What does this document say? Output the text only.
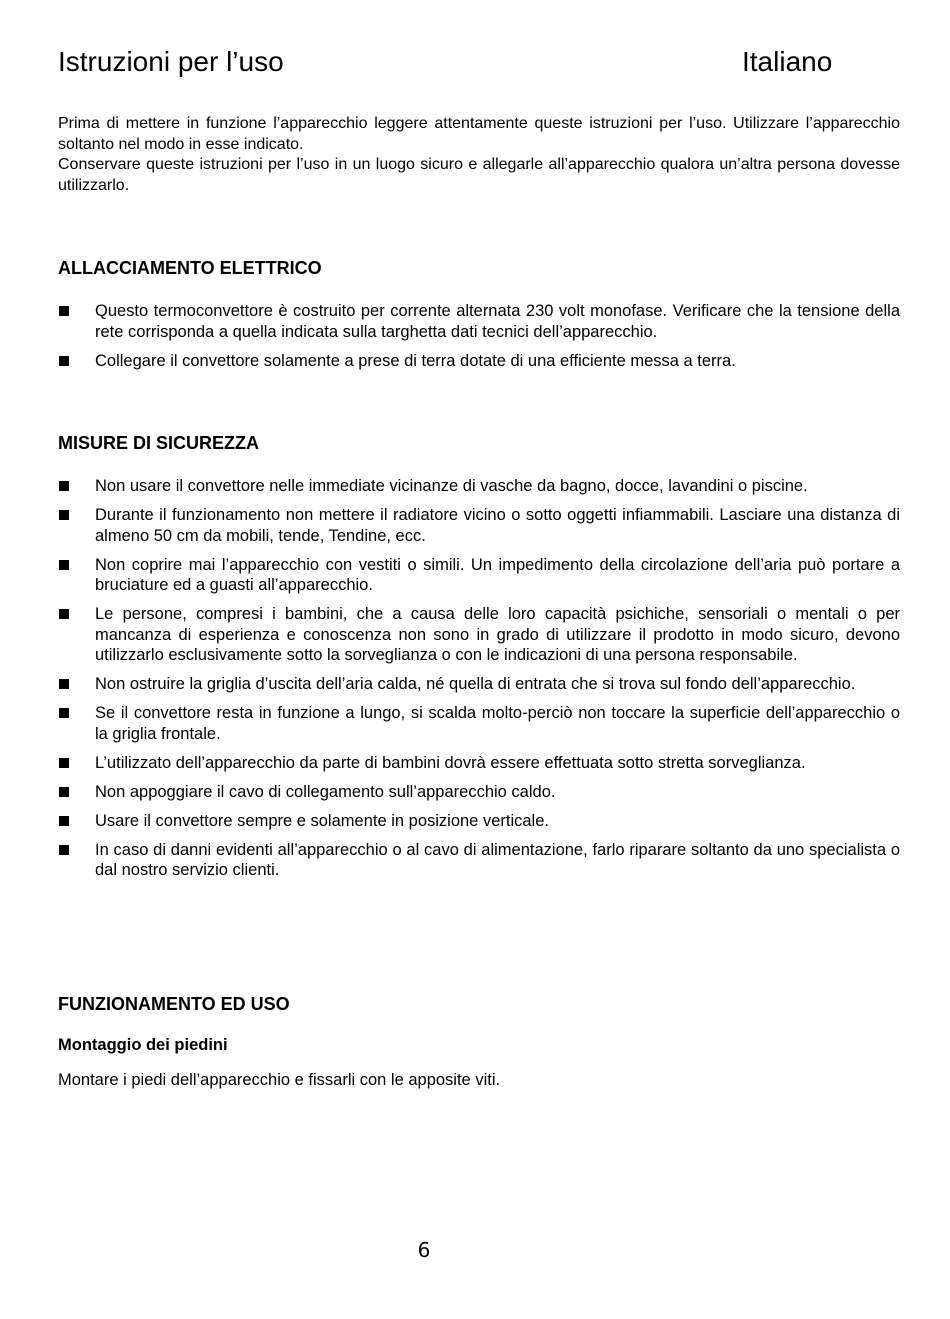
Istruzioni per l’uso	Italiano

Prima di mettere in funzione l’apparecchio leggere attentamente queste istruzioni per l’uso. Utilizzare l’apparecchio soltanto nel modo in esse indicato.

Conservare queste istruzioni per l’uso in un luogo sicuro e allegarle all’apparecchio qualora un’altra persona dovesse utilizzarlo.

ALLACCIAMENTO ELETTRICO
Questo termoconvettore è costruito per corrente alternata 230 volt monofase. Verificare che la tensione della rete corrisponda a quella indicata sulla targhetta dati tecnici dell’apparecchio.
Collegare il convettore solamente a prese di terra dotate di una efficiente messa a terra.
MISURE DI SICUREZZA
Non usare il convettore nelle immediate vicinanze di vasche da bagno, docce, lavandini o piscine.
Durante il funzionamento non mettere il radiatore vicino o sotto oggetti infiammabili. Lasciare una distanza di almeno 50 cm da mobili, tende, Tendine, ecc.
Non coprire mai l’apparecchio con vestiti o simili. Un impedimento della circolazione dell’aria può portare a bruciature ed a guasti all’apparecchio.
Le persone, compresi i bambini, che a causa delle loro capacità psichiche, sensoriali o mentali o per mancanza di esperienza e conoscenza non sono in grado di utilizzare il prodotto in modo sicuro, devono utilizzarlo esclusivamente sotto la sorveglianza o con le indicazioni di una persona responsabile.
Non ostruire la griglia d’uscita dell’aria calda, né quella di entrata che si trova sul fondo dell’apparecchio.
Se il convettore resta in funzione a lungo, si scalda molto-perciò non toccare la superficie dell’apparecchio o la griglia frontale.
L’utilizzato dell’apparecchio da parte di bambini dovrà essere effettuata sotto stretta sorveglianza.
Non appoggiare il cavo di collegamento sull’apparecchio caldo.
Usare il convettore sempre e solamente in posizione verticale.
In caso di danni evidenti all’apparecchio o al cavo di alimentazione, farlo riparare soltanto da uno specialista o dal nostro servizio clienti.
FUNZIONAMENTO ED USO
Montaggio dei piedini

Montare i piedi dell’apparecchio e fissarli con le apposite viti.

6
